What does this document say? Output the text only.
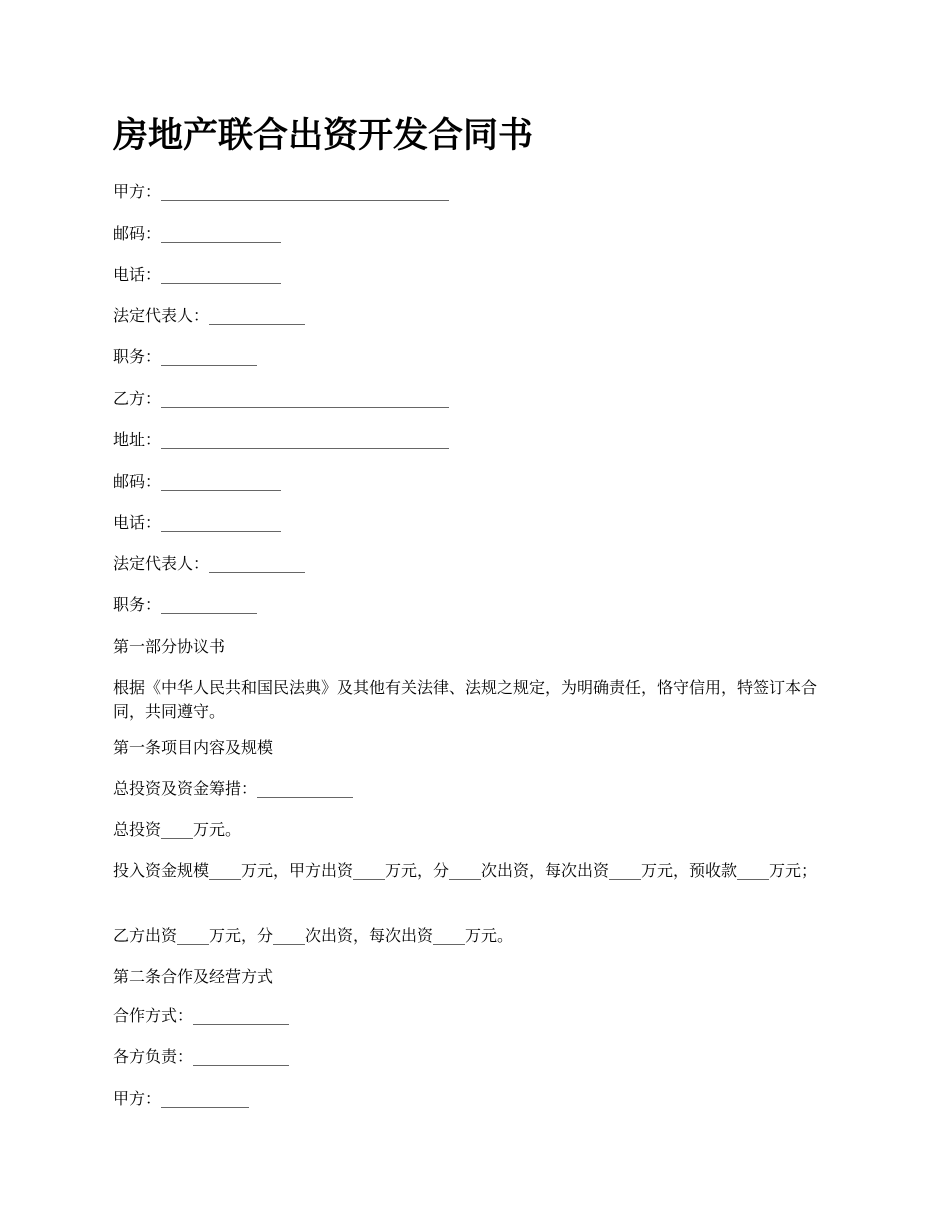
房地产联合出资开发合同书

甲方：____________________________________

邮码：_______________

电话：_______________

法定代表人：____________

职务：____________

乙方：____________________________________

地址：____________________________________

邮码：_______________

电话：_______________

法定代表人：____________

职务：____________

第一部分协议书

根据《中华人民共和国民法典》及其他有关法律、法规之规定，为明确责任，恪守信用，特签订本合同，共同遵守。

第一条项目内容及规模

总投资及资金筹措：____________

总投资____万元。

投入资金规模____万元，甲方出资____万元，分____次出资，每次出资____万元，预收款____万元；

乙方出资____万元，分____次出资，每次出资____万元。

第二条合作及经营方式

合作方式：____________

各方负责：____________

甲方：___________
